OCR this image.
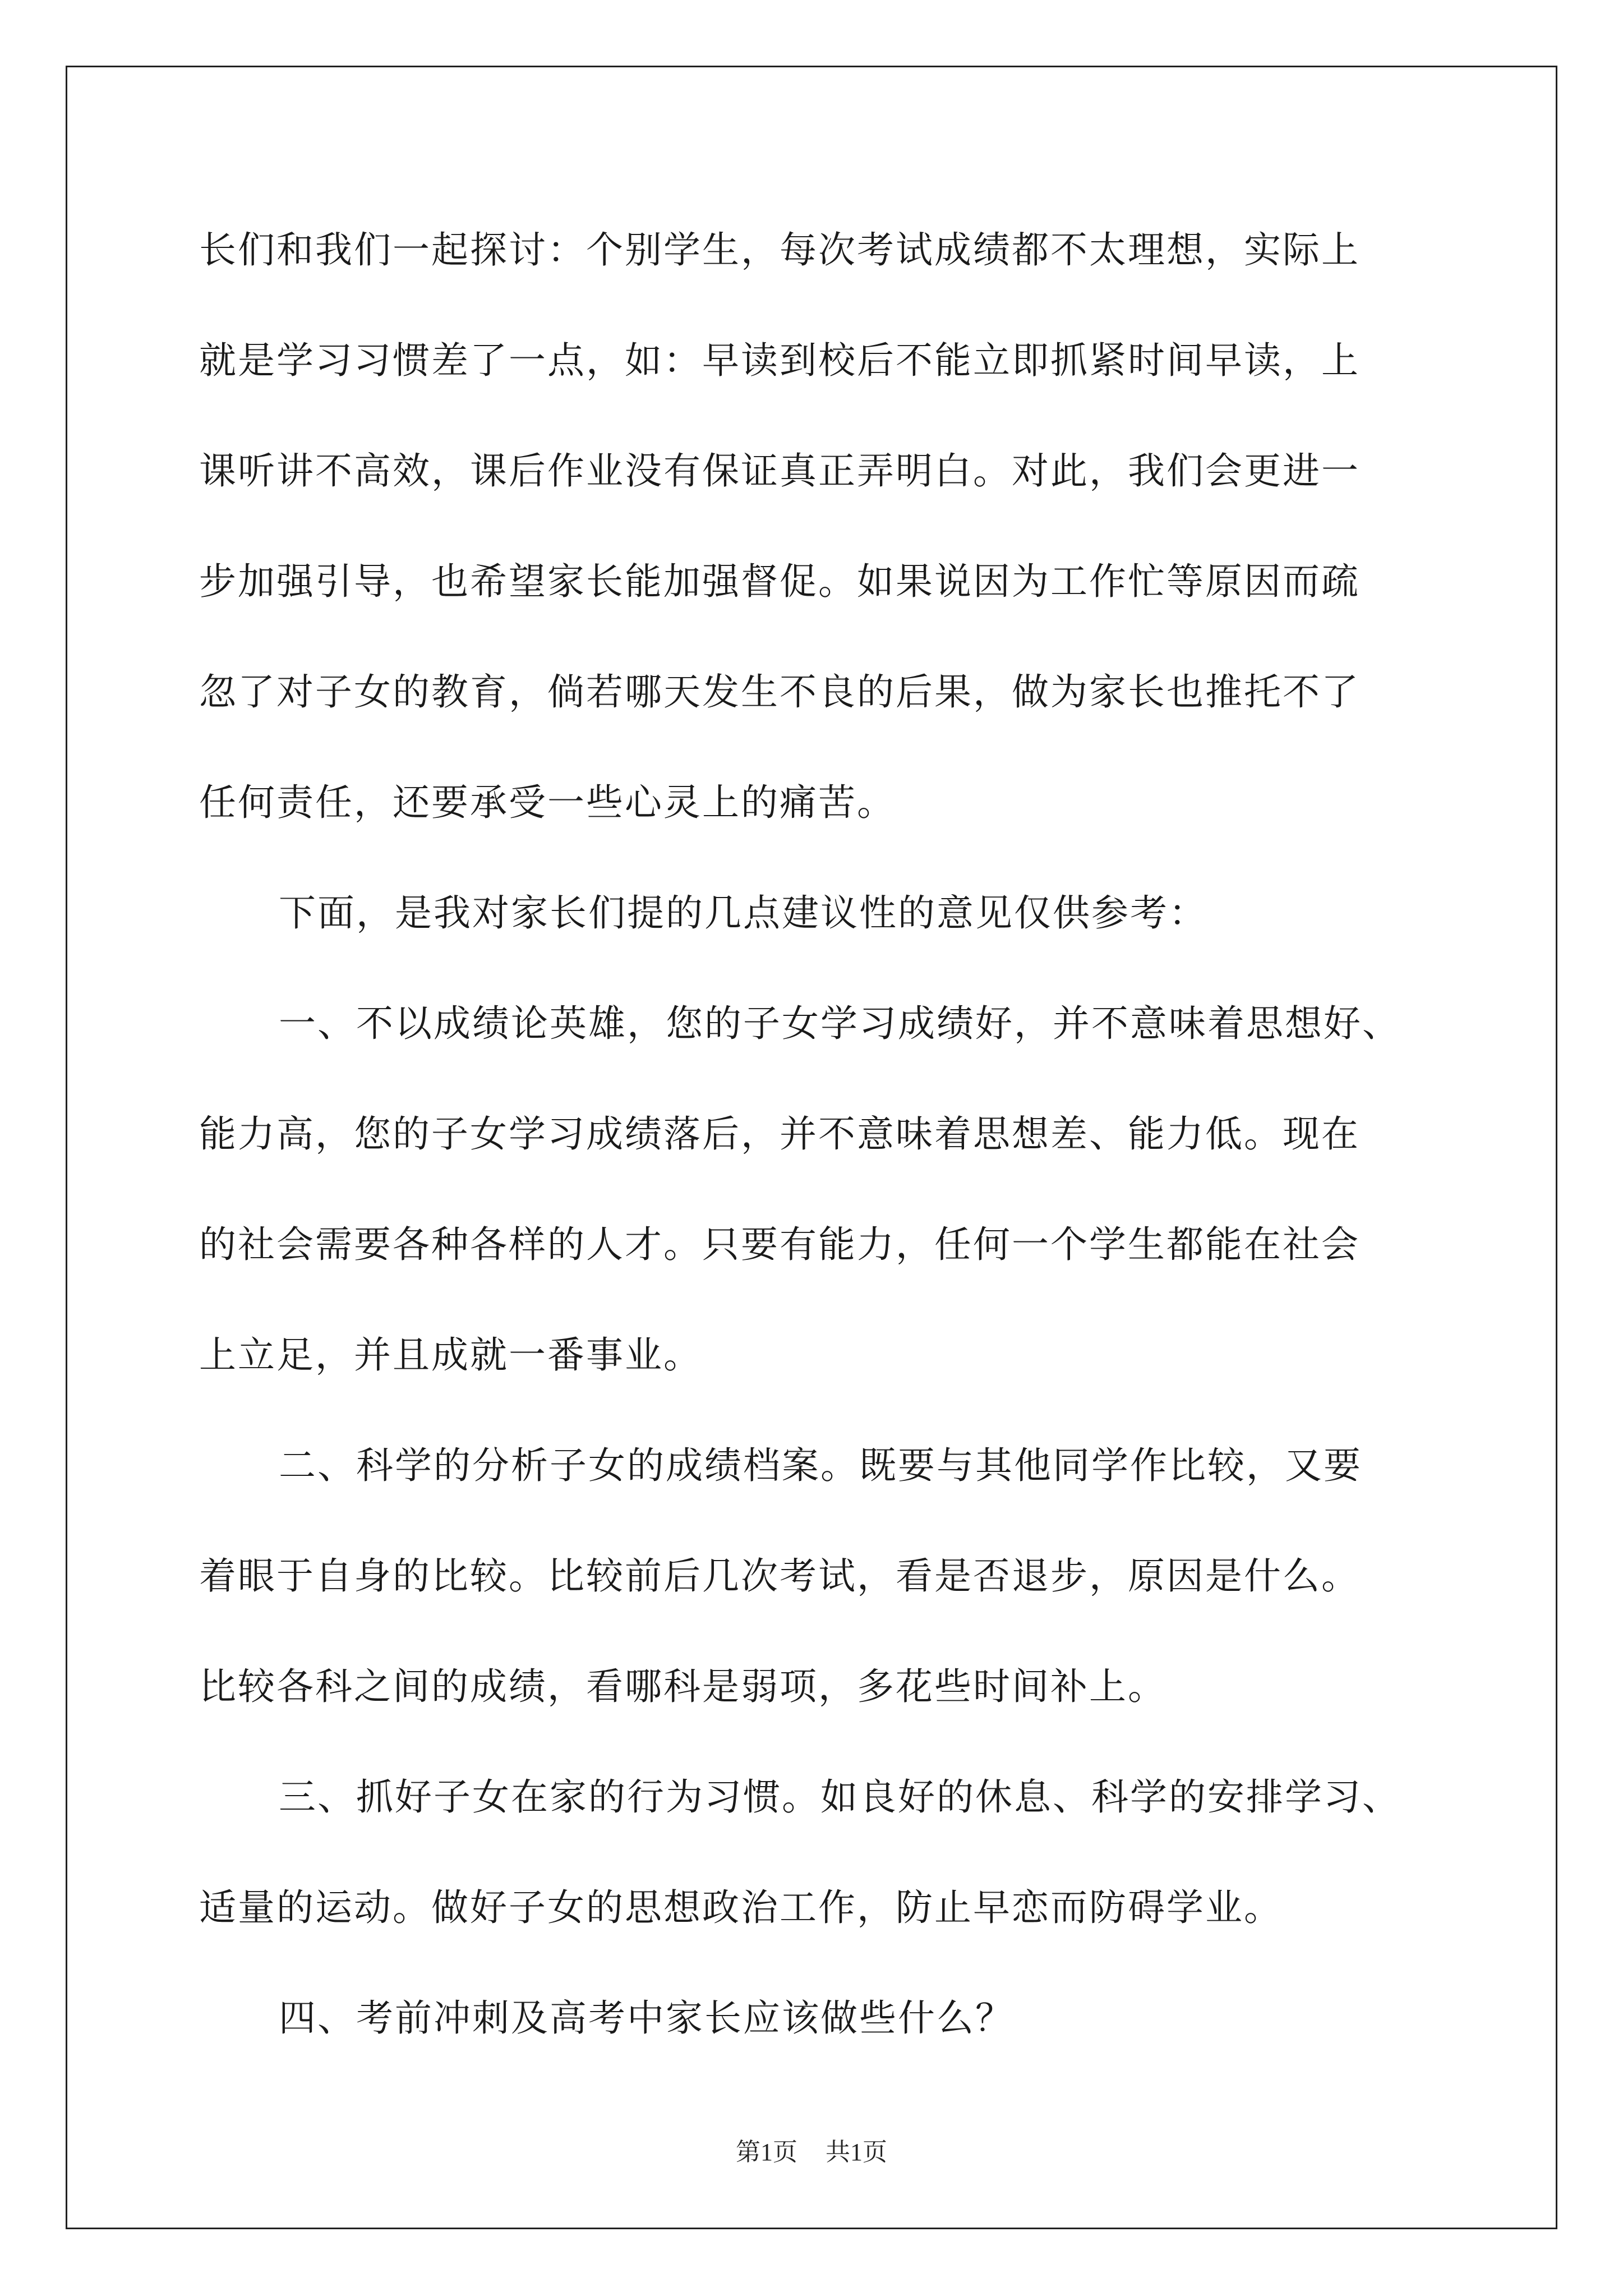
长们和我们一起探讨：个别学生，每次考试成绩都不太理想，实际上
就是学习习惯差了一点，如：早读到校后不能立即抓紧时间早读，上
课听讲不高效，课后作业没有保证真正弄明白。对此，我们会更进一
步加强引导，也希望家长能加强督促。如果说因为工作忙等原因而疏
忽了对子女的教育，倘若哪天发生不良的后果，做为家长也推托不了
任何责任，还要承受一些心灵上的痛苦。
下面，是我对家长们提的几点建议性的意见仅供参考：
一、不以成绩论英雄，您的子女学习成绩好，并不意味着思想好、
能力高，您的子女学习成绩落后，并不意味着思想差、能力低。现在
的社会需要各种各样的人才。只要有能力，任何一个学生都能在社会
上立足，并且成就一番事业。
二、科学的分析子女的成绩档案。既要与其他同学作比较，又要
着眼于自身的比较。比较前后几次考试，看是否退步，原因是什么。
比较各科之间的成绩，看哪科是弱项，多花些时间补上。
三、抓好子女在家的行为习惯。如良好的休息、科学的安排学习、
适量的运动。做好子女的思想政治工作，防止早恋而防碍学业。
四、考前冲刺及高考中家长应该做些什么？
第1页 共1页
